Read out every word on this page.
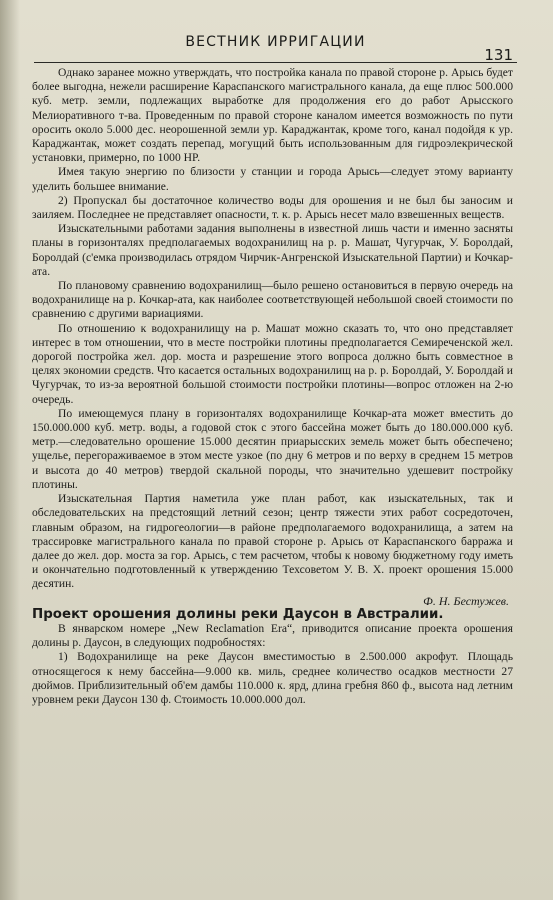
ВЕСТНИК ИРРИГАЦИИ
131

Однако заранее можно утверждать, что постройка канала по правой стороне р. Арысь будет более выгодна, нежели расширение Караспанского магистрального канала, да еще плюс 500.000 куб. метр. земли, подлежащих выработке для продолжения его до работ Арысского Мелиоративного т-ва. Проведенным по правой стороне каналом имеется возможность по пути оросить около 5.000 дес. неорошенной земли ур. Караджантак, кроме того, канал подойдя к ур. Караджантак, может создать перепад, могущий быть использованным для гидроэлекрической установки, примерно, по 1000 HP.

Имея такую энергию по близости у станции и города Арысь—следует этому варианту уделить большее внимание.

2) Пропускал бы достаточное количество воды для орошения и не был бы заносим и заиляем. Последнее не представляет опасности, т. к. р. Арысь несет мало взвешенных веществ.

Изыскательными работами задания выполнены в известной лишь части и именно засняты планы в горизонталях предполагаемых водохранилищ на р. р. Машат, Чугурчак, У. Боролдай, Боролдай (с'емка производилась отрядом Чирчик-Ангренской Изыскательной Партии) и Кочкар-ата.

По плановому сравнению водохранилищ—было решено остановиться в первую очередь на водохранилище на р. Кочкар-ата, как наиболее соответствующей небольшой своей стоимости по сравнению с другими вариациями.

По отношению к водохранилищу на р. Машат можно сказать то, что оно представляет интерес в том отношении, что в месте постройки плотины предполагается Семиреченской жел. дорогой постройка жел. дор. моста и разрешение этого вопроса должно быть совместное в целях экономии средств. Что касается остальных водохранилищ на р. р. Боролдай, У. Боролдай и Чугурчак, то из-за вероятной большой стоимости постройки плотины—вопрос отложен на 2-ю очередь.

По имеющемуся плану в горизонталях водохранилище Кочкар-ата может вместить до 150.000.000 куб. метр. воды, а годовой сток с этого бассейна может быть до 180.000.000 куб. метр.—следовательно орошение 15.000 десятин приарысских земель может быть обеспечено; ущелье, перегораживаемое в этом месте узкое (по дну 6 метров и по верху в среднем 15 метров и высота до 40 метров) твердой скальной породы, что значительно удешевит постройку плотины.

Изыскательная Партия наметила уже план работ, как изыскательных, так и обследовательских на предстоящий летний сезон; центр тяжести этих работ сосредоточен, главным образом, на гидрогеологии—в районе предполагаемого водохранилища, а затем на трассировке магистрального канала по правой стороне р. Арысь от Караспанского барража и далее до жел. дор. моста за гор. Арысь, с тем расчетом, чтобы к новому бюджетному году иметь и окончательно подготовленный к утверждению Техсоветом У. В. Х. проект орошения 15.000 десятин.

Ф. Н. Бестужев.

Проект орошения долины реки Даусон в Австралии.

В январском номере „New Reclamation Era“, приводится описание проекта орошения долины р. Даусон, в следующих подробностях:

1) Водохранилище на реке Даусон вместимостью в 2.500.000 акрофут. Площадь относящегося к нему бассейна—9.000 кв. миль, среднее количество осадков местности 27 дюймов. Приблизительный об'ем дамбы 110.000 к. ярд, длина гребня 860 ф., высота над летним уровнем реки Даусон 130 ф. Стоимость 10.000.000 дол.
